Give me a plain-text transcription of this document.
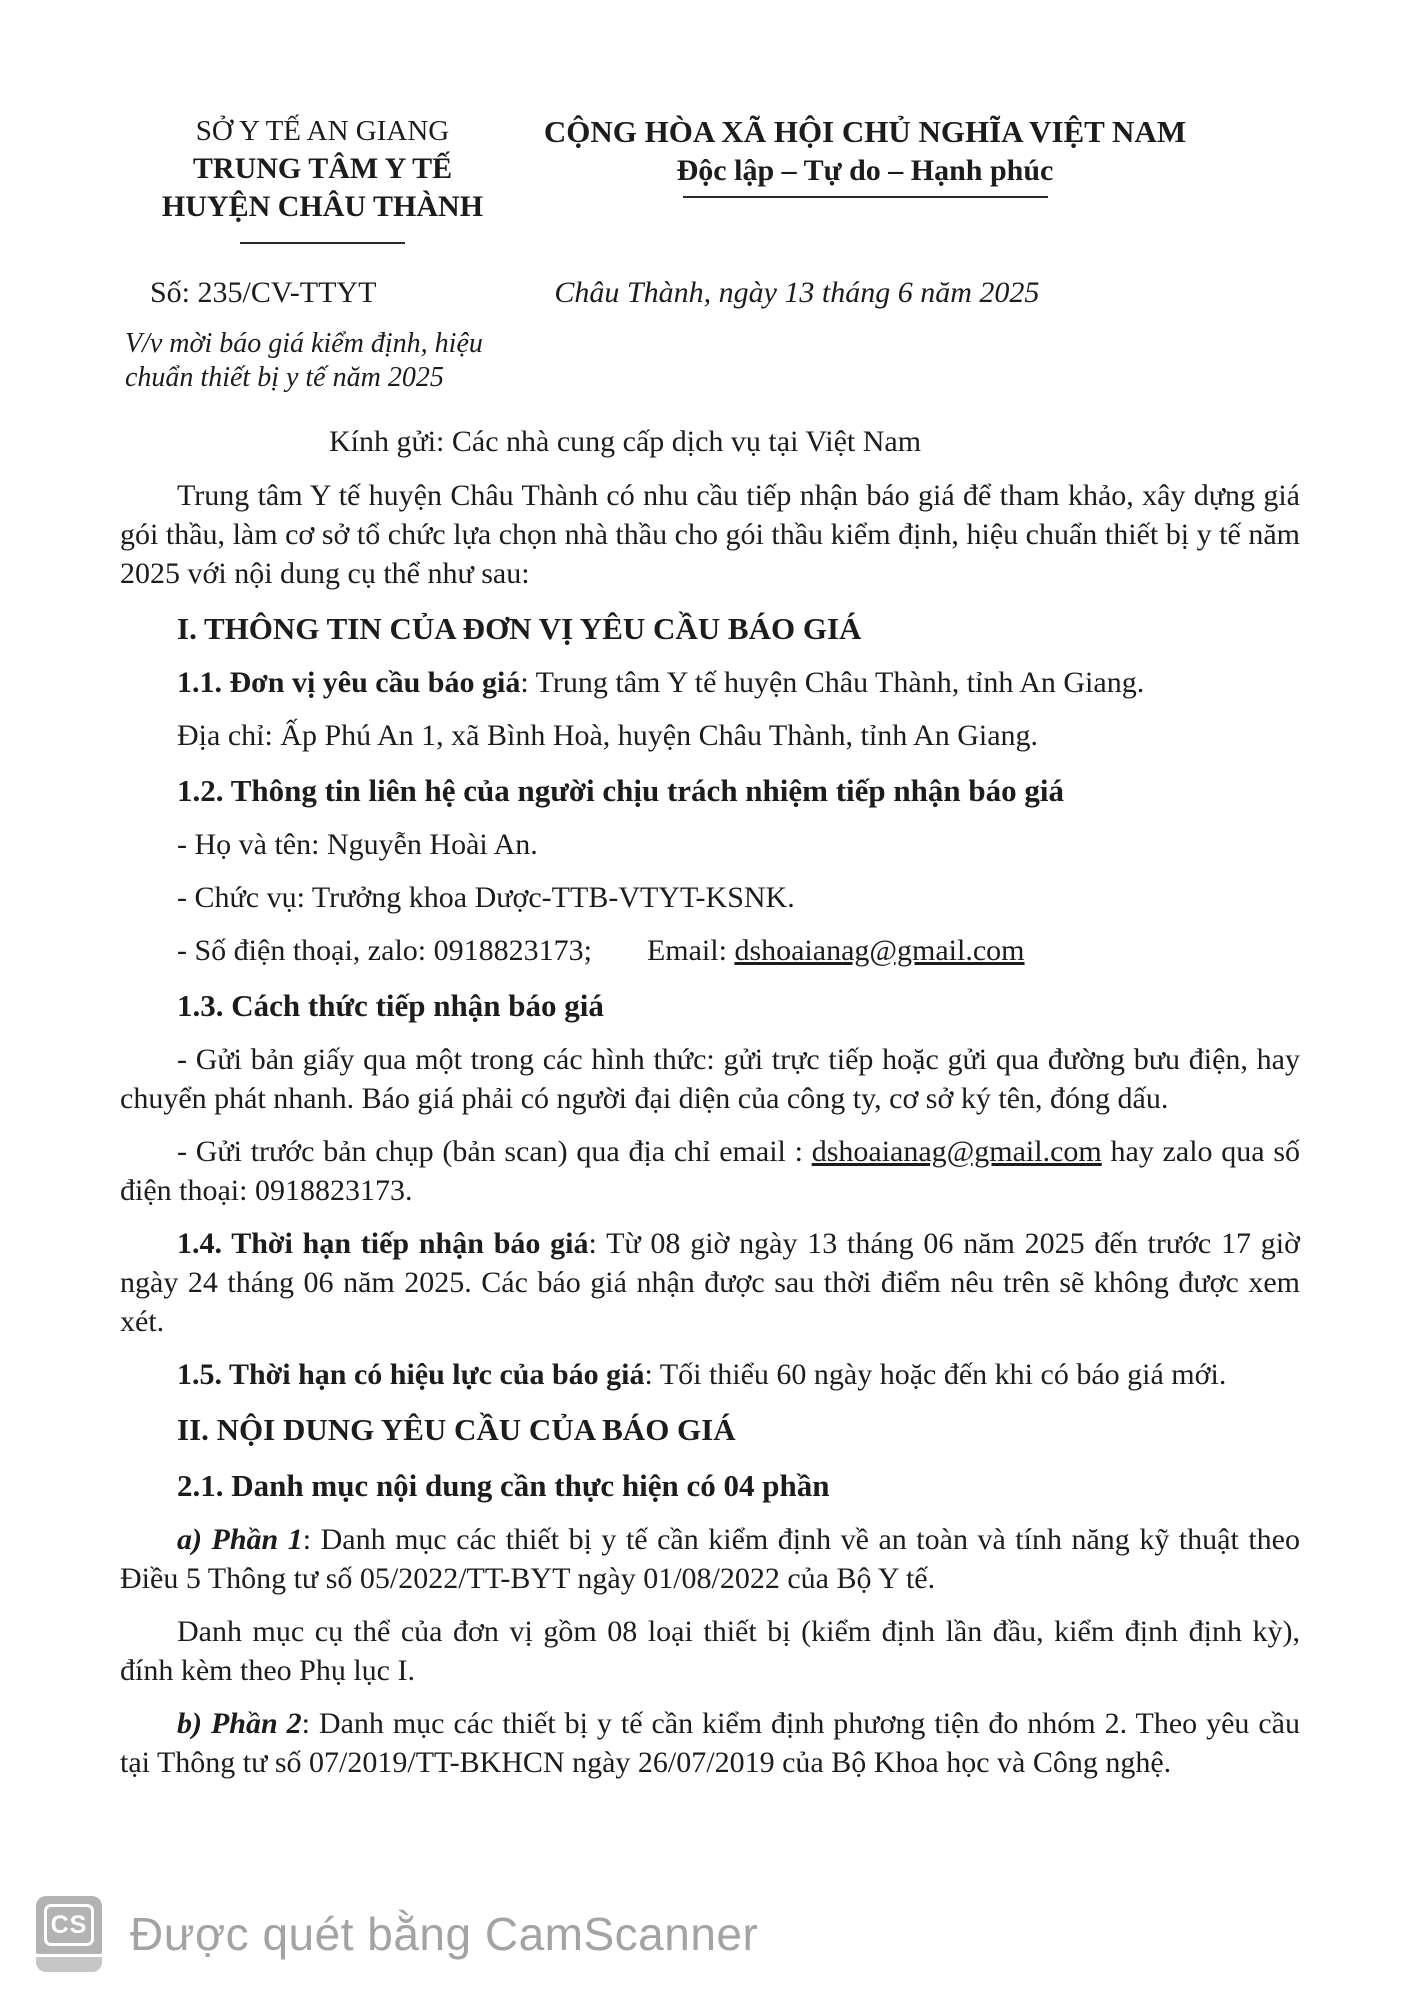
SỞ Y TẾ AN GIANG
TRUNG TÂM Y TẾ
HUYỆN CHÂU THÀNH
CỘNG HÒA XÃ HỘI CHỦ NGHĨA VIỆT NAM
Độc lập – Tự do – Hạnh phúc
Số: 235/CV-TTYT	Châu Thành, ngày 13 tháng 6 năm 2025
V/v mời báo giá kiểm định, hiệu
chuẩn thiết bị y tế năm 2025
Kính gửi: Các nhà cung cấp dịch vụ tại Việt Nam

Trung tâm Y tế huyện Châu Thành có nhu cầu tiếp nhận báo giá để tham khảo, xây dựng giá gói thầu, làm cơ sở tổ chức lựa chọn nhà thầu cho gói thầu kiểm định, hiệu chuẩn thiết bị y tế năm 2025 với nội dung cụ thể như sau:

I. THÔNG TIN CỦA ĐƠN VỊ YÊU CẦU BÁO GIÁ

1.1. Đơn vị yêu cầu báo giá: Trung tâm Y tế huyện Châu Thành, tỉnh An Giang.

Địa chỉ: Ấp Phú An 1, xã Bình Hoà, huyện Châu Thành, tỉnh An Giang.

1.2. Thông tin liên hệ của người chịu trách nhiệm tiếp nhận báo giá

- Họ và tên: Nguyễn Hoài An.

- Chức vụ: Trưởng khoa Dược-TTB-VTYT-KSNK.

- Số điện thoại, zalo: 0918823173; Email: dshoaianag@gmail.com

1.3. Cách thức tiếp nhận báo giá

- Gửi bản giấy qua một trong các hình thức: gửi trực tiếp hoặc gửi qua đường bưu điện, hay chuyển phát nhanh. Báo giá phải có người đại diện của công ty, cơ sở ký tên, đóng dấu.

- Gửi trước bản chụp (bản scan) qua địa chỉ email : dshoaianag@gmail.com hay zalo qua số điện thoại: 0918823173.

1.4. Thời hạn tiếp nhận báo giá: Từ 08 giờ ngày 13 tháng 06 năm 2025 đến trước 17 giờ ngày 24 tháng 06 năm 2025. Các báo giá nhận được sau thời điểm nêu trên sẽ không được xem xét.

1.5. Thời hạn có hiệu lực của báo giá: Tối thiểu 60 ngày hoặc đến khi có báo giá mới.

II. NỘI DUNG YÊU CẦU CỦA BÁO GIÁ

2.1. Danh mục nội dung cần thực hiện có 04 phần

a) Phần 1: Danh mục các thiết bị y tế cần kiểm định về an toàn và tính năng kỹ thuật theo Điều 5 Thông tư số 05/2022/TT-BYT ngày 01/08/2022 của Bộ Y tế.

Danh mục cụ thể của đơn vị gồm 08 loại thiết bị (kiểm định lần đầu, kiểm định định kỳ), đính kèm theo Phụ lục I.

b) Phần 2: Danh mục các thiết bị y tế cần kiểm định phương tiện đo nhóm 2. Theo yêu cầu tại Thông tư số 07/2019/TT-BKHCN ngày 26/07/2019 của Bộ Khoa học và Công nghệ.

CS Được quét bằng CamScanner
